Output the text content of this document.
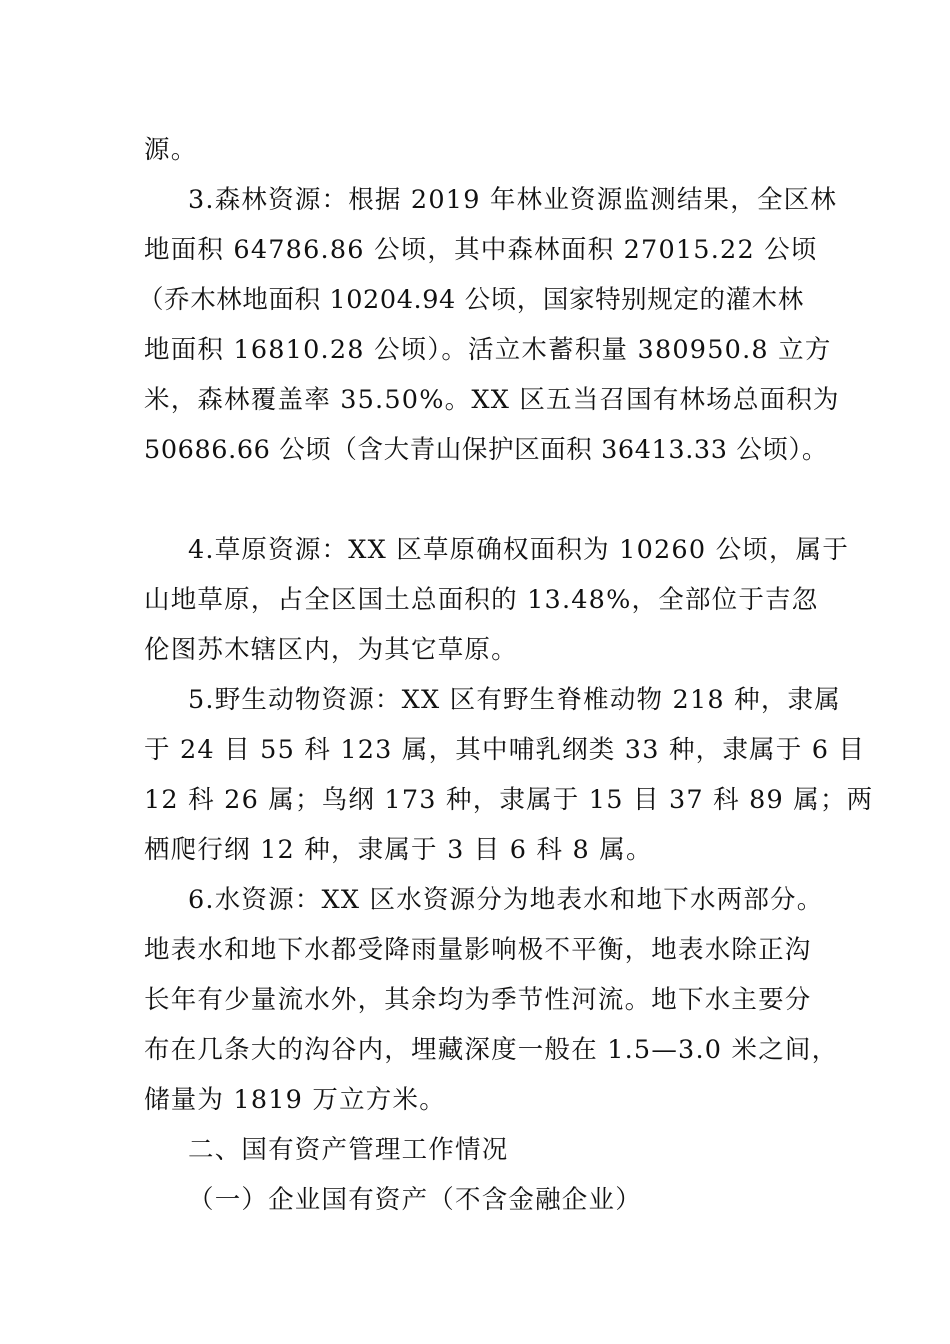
源。
3.森林资源：根据 2019 年林业资源监测结果，全区林
地面积 64786.86 公顷，其中森林面积 27015.22 公顷
（乔木林地面积 10204.94 公顷，国家特别规定的灌木林
地面积 16810.28 公顷）。活立木蓄积量 380950.8 立方
米，森林覆盖率 35.50%。XX 区五当召国有林场总面积为
50686.66 公顷（含大青山保护区面积 36413.33 公顷）。
4.草原资源：XX 区草原确权面积为 10260 公顷，属于
山地草原，占全区国土总面积的 13.48%，全部位于吉忽
伦图苏木辖区内，为其它草原。
5.野生动物资源：XX 区有野生脊椎动物 218 种，隶属
于 24 目 55 科 123 属，其中哺乳纲类 33 种，隶属于 6 目
12 科 26 属；鸟纲 173 种，隶属于 15 目 37 科 89 属；两
栖爬行纲 12 种，隶属于 3 目 6 科 8 属。
6.水资源：XX 区水资源分为地表水和地下水两部分。
地表水和地下水都受降雨量影响极不平衡，地表水除正沟
长年有少量流水外，其余均为季节性河流。地下水主要分
布在几条大的沟谷内，埋藏深度一般在 1.5—3.0 米之间，
储量为 1819 万立方米。
二、国有资产管理工作情况
（一）企业国有资产（不含金融企业）
